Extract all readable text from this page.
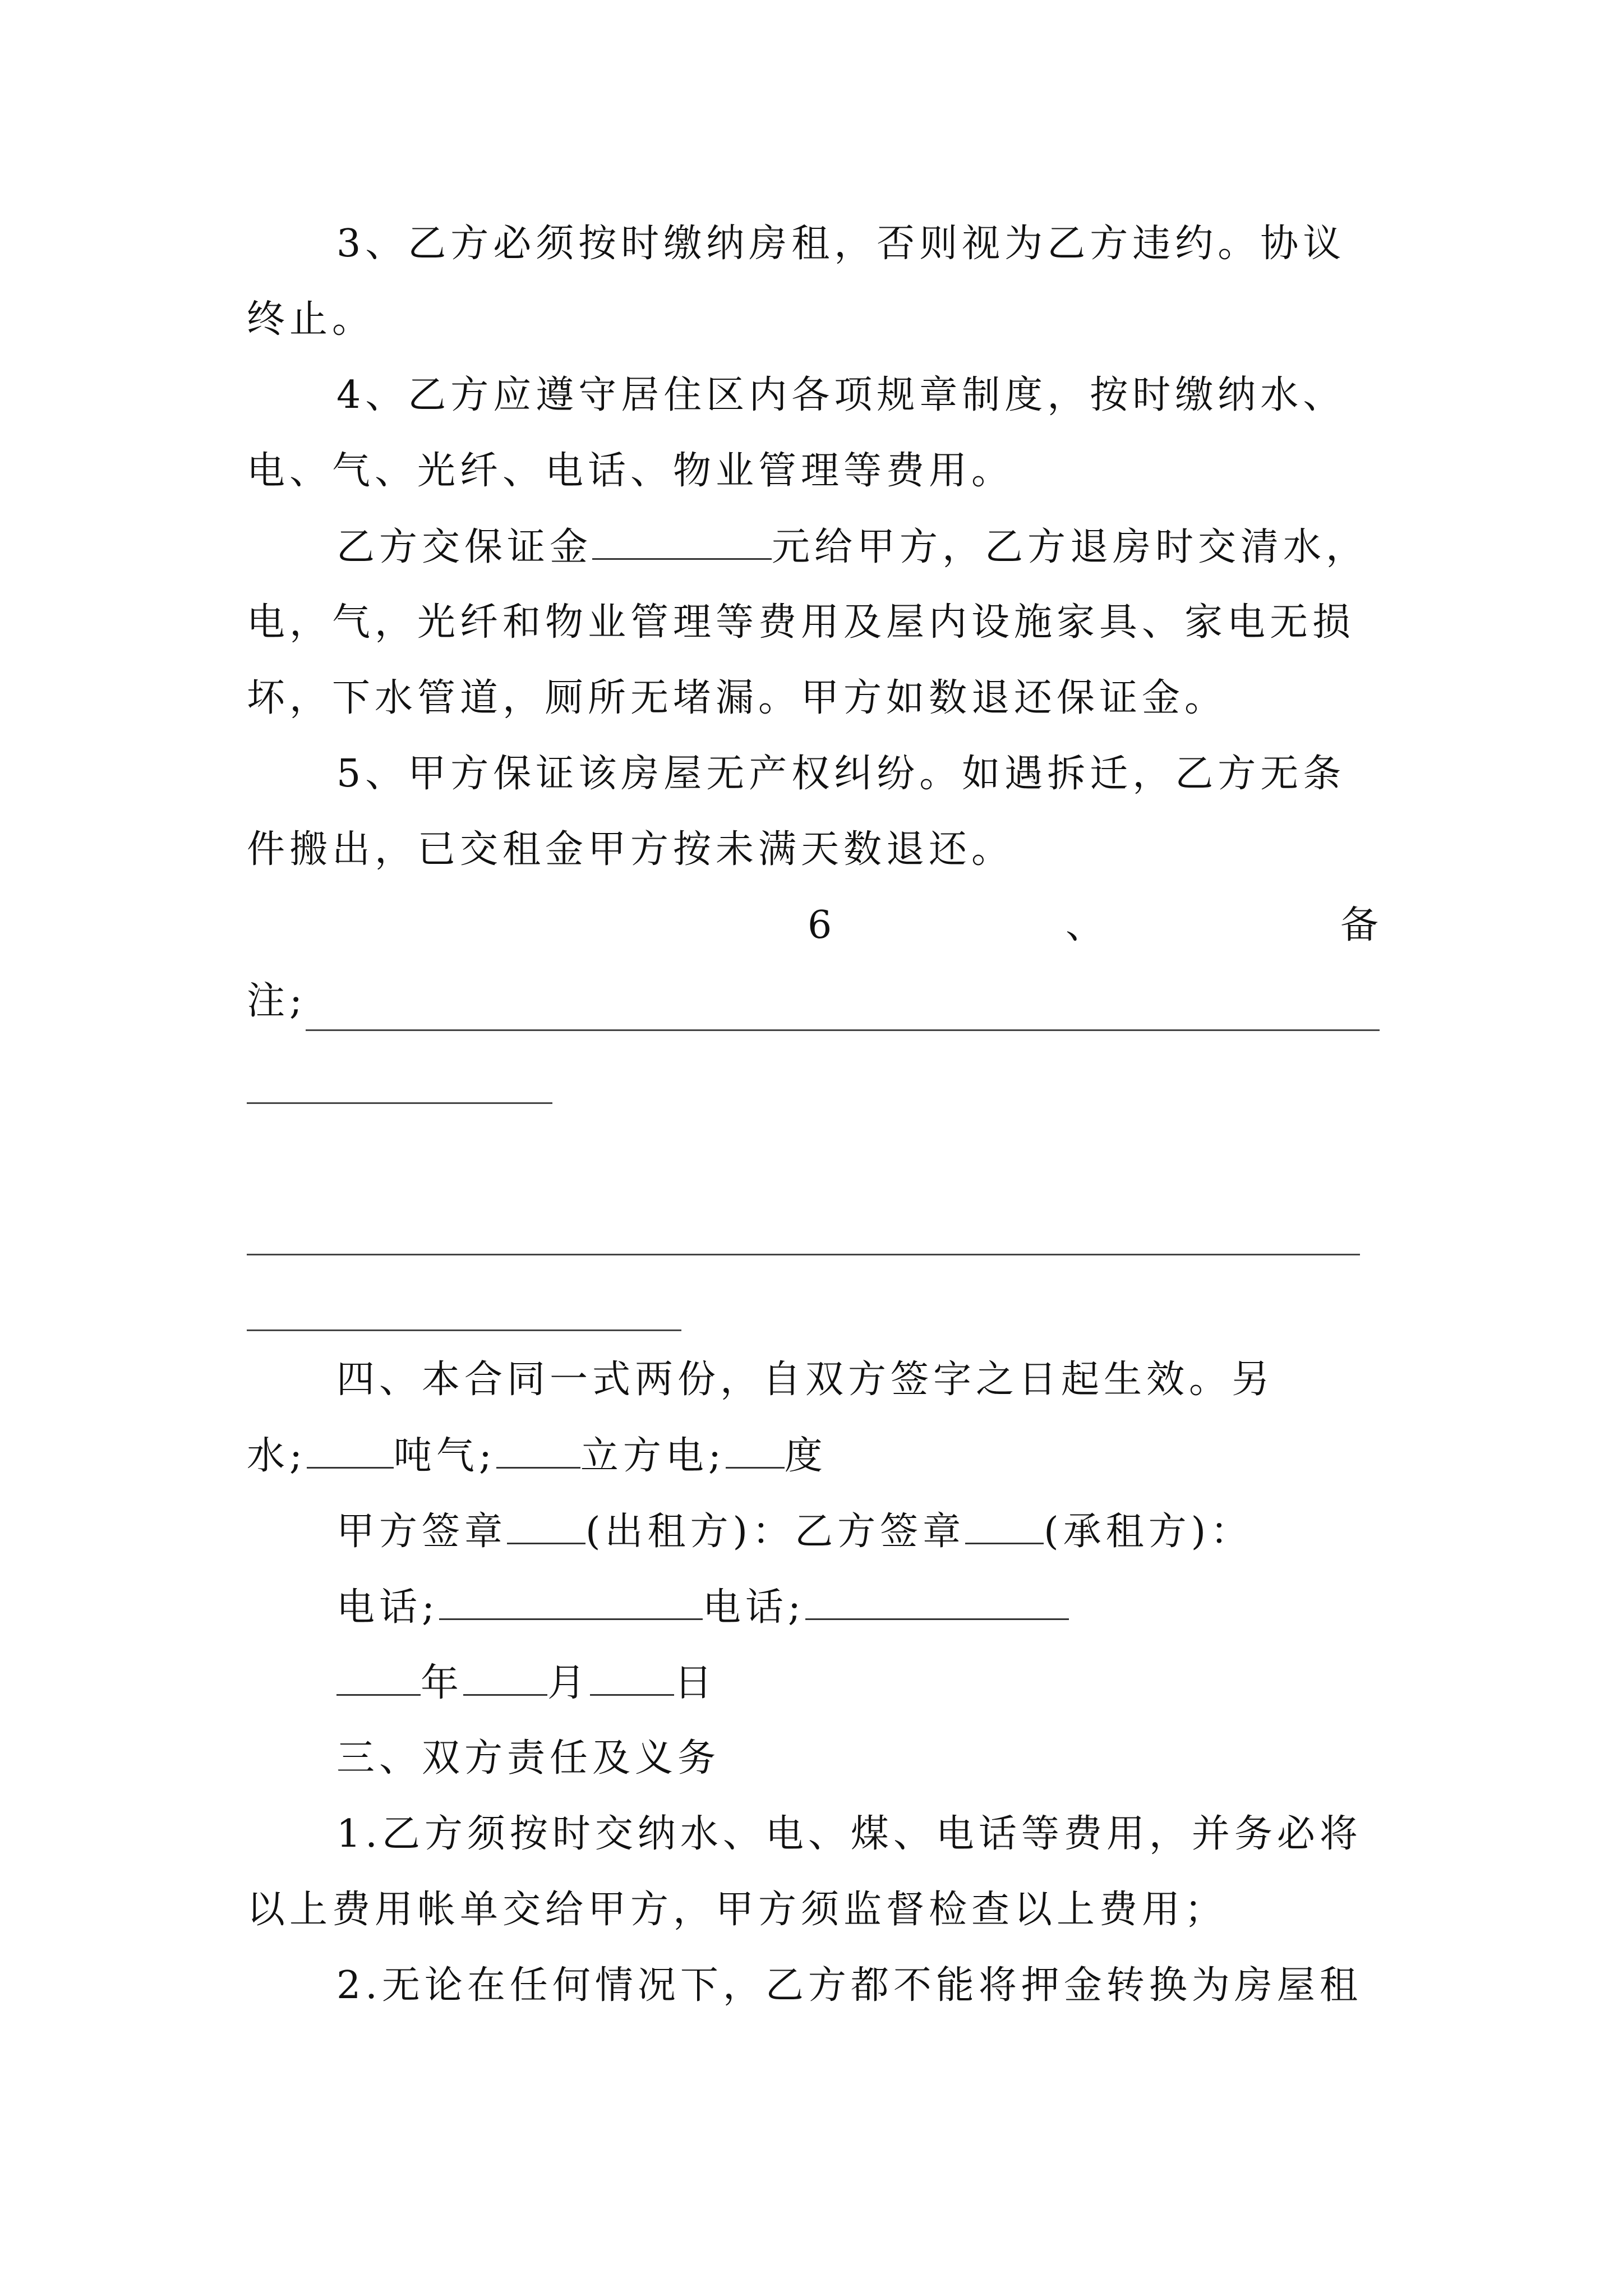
3、乙方必须按时缴纳房租，否则视为乙方违约。协议
终止。
4、乙方应遵守居住区内各项规章制度，按时缴纳水、
电、气、光纤、电话、物业管理等费用。
乙方交保证金	元给甲方，乙方退房时交清水，
电，气，光纤和物业管理等费用及屋内设施家具、家电无损
坏，下水管道，厕所无堵漏。甲方如数退还保证金。
5、甲方保证该房屋无产权纠纷。如遇拆迁，乙方无条
件搬出，已交租金甲方按未满天数退还。
6	、	备
注;
四、本合同一式两份，自双方签字之日起生效。另
水; 吨气; 立方电; 度
甲方签章 (出租方)：乙方签章 (承租方)：
电话;	电话;
年 月 日
三、双方责任及义务
1.乙方须按时交纳水、电、煤、电话等费用，并务必将
以上费用帐单交给甲方，甲方须监督检查以上费用；
2.无论在任何情况下，乙方都不能将押金转换为房屋租
